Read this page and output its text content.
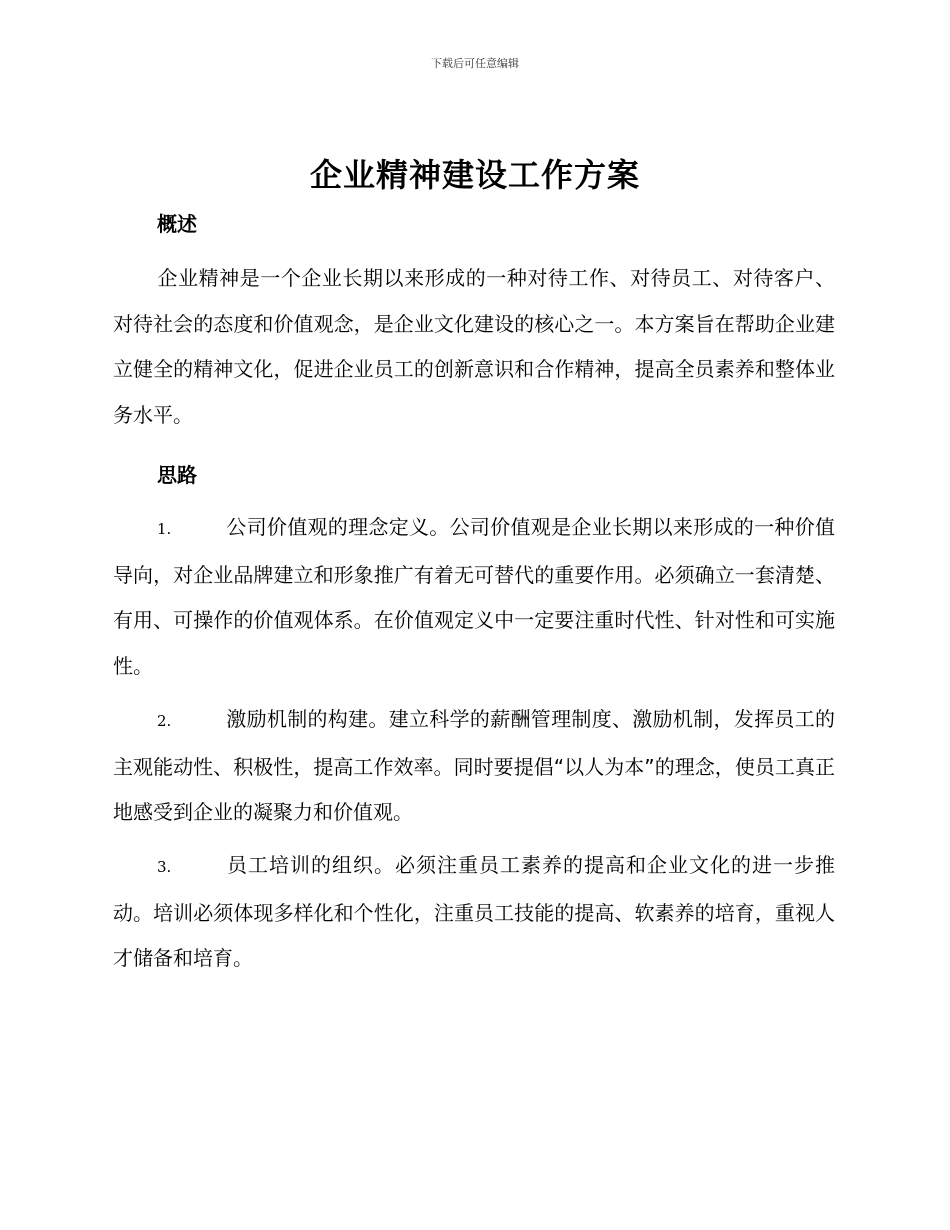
下载后可任意编辑
企业精神建设工作方案
概述
企业精神是一个企业长期以来形成的一种对待工作、对待员工、对待客户、对待社会的态度和价值观念，是企业文化建设的核心之一。本方案旨在帮助企业建立健全的精神文化，促进企业员工的创新意识和合作精神，提高全员素养和整体业务水平。
思路
1.	公司价值观的理念定义。公司价值观是企业长期以来形成的一种价值导向，对企业品牌建立和形象推广有着无可替代的重要作用。必须确立一套清楚、有用、可操作的价值观体系。在价值观定义中一定要注重时代性、针对性和可实施性。
2.	激励机制的构建。建立科学的薪酬管理制度、激励机制，发挥员工的主观能动性、积极性，提高工作效率。同时要提倡“以人为本”的理念，使员工真正地感受到企业的凝聚力和价值观。
3.	员工培训的组织。必须注重员工素养的提高和企业文化的进一步推动。培训必须体现多样化和个性化，注重员工技能的提高、软素养的培育，重视人才储备和培育。
